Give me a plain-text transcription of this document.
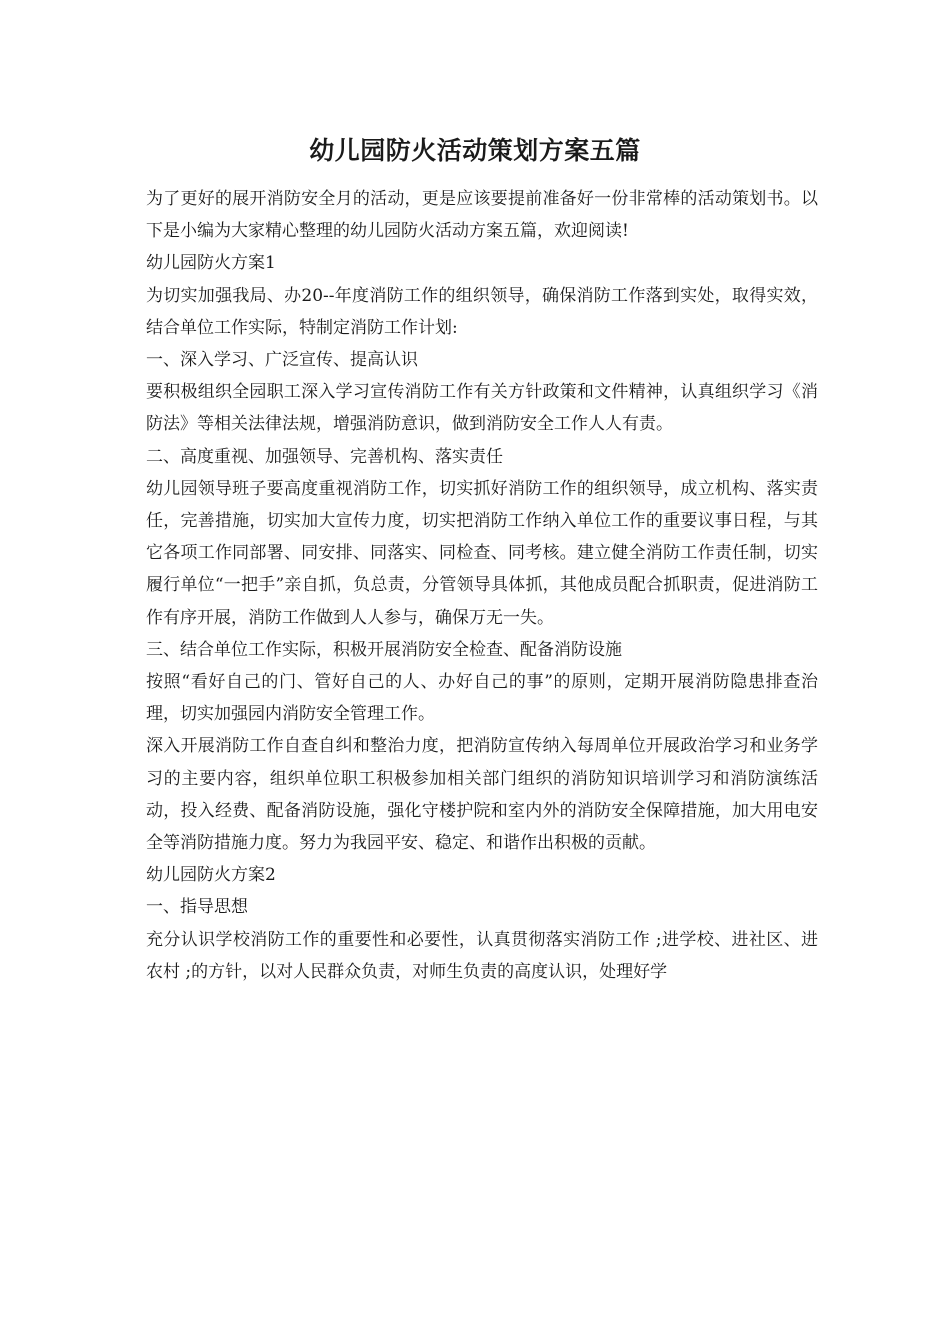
幼儿园防火活动策划方案五篇

为了更好的展开消防安全月的活动，更是应该要提前准备好一份非常棒的活动策划书。以下是小编为大家精心整理的幼儿园防火活动方案五篇，欢迎阅读!

幼儿园防火方案1

为切实加强我局、办20--年度消防工作的组织领导，确保消防工作落到实处，取得实效，结合单位工作实际，特制定消防工作计划:

一、深入学习、广泛宣传、提高认识

要积极组织全园职工深入学习宣传消防工作有关方针政策和文件精神，认真组织学习《消防法》等相关法律法规，增强消防意识，做到消防安全工作人人有责。

二、高度重视、加强领导、完善机构、落实责任

幼儿园领导班子要高度重视消防工作，切实抓好消防工作的组织领导，成立机构、落实责任，完善措施，切实加大宣传力度，切实把消防工作纳入单位工作的重要议事日程，与其它各项工作同部署、同安排、同落实、同检查、同考核。建立健全消防工作责任制，切实履行单位“一把手”亲自抓，负总责，分管领导具体抓，其他成员配合抓职责，促进消防工作有序开展，消防工作做到人人参与，确保万无一失。

三、结合单位工作实际，积极开展消防安全检查、配备消防设施

按照“看好自己的门、管好自己的人、办好自己的事”的原则，定期开展消防隐患排查治理，切实加强园内消防安全管理工作。

深入开展消防工作自查自纠和整治力度，把消防宣传纳入每周单位开展政治学习和业务学习的主要内容，组织单位职工积极参加相关部门组织的消防知识培训学习和消防演练活动，投入经费、配备消防设施，强化守楼护院和室内外的消防安全保障措施，加大用电安全等消防措施力度。努力为我园平安、稳定、和谐作出积极的贡献。

幼儿园防火方案2

一、指导思想

充分认识学校消防工作的重要性和必要性，认真贯彻落实消防工作 ;进学校、进社区、进农村 ;的方针，以对人民群众负责，对师生负责的高度认识，处理好学
